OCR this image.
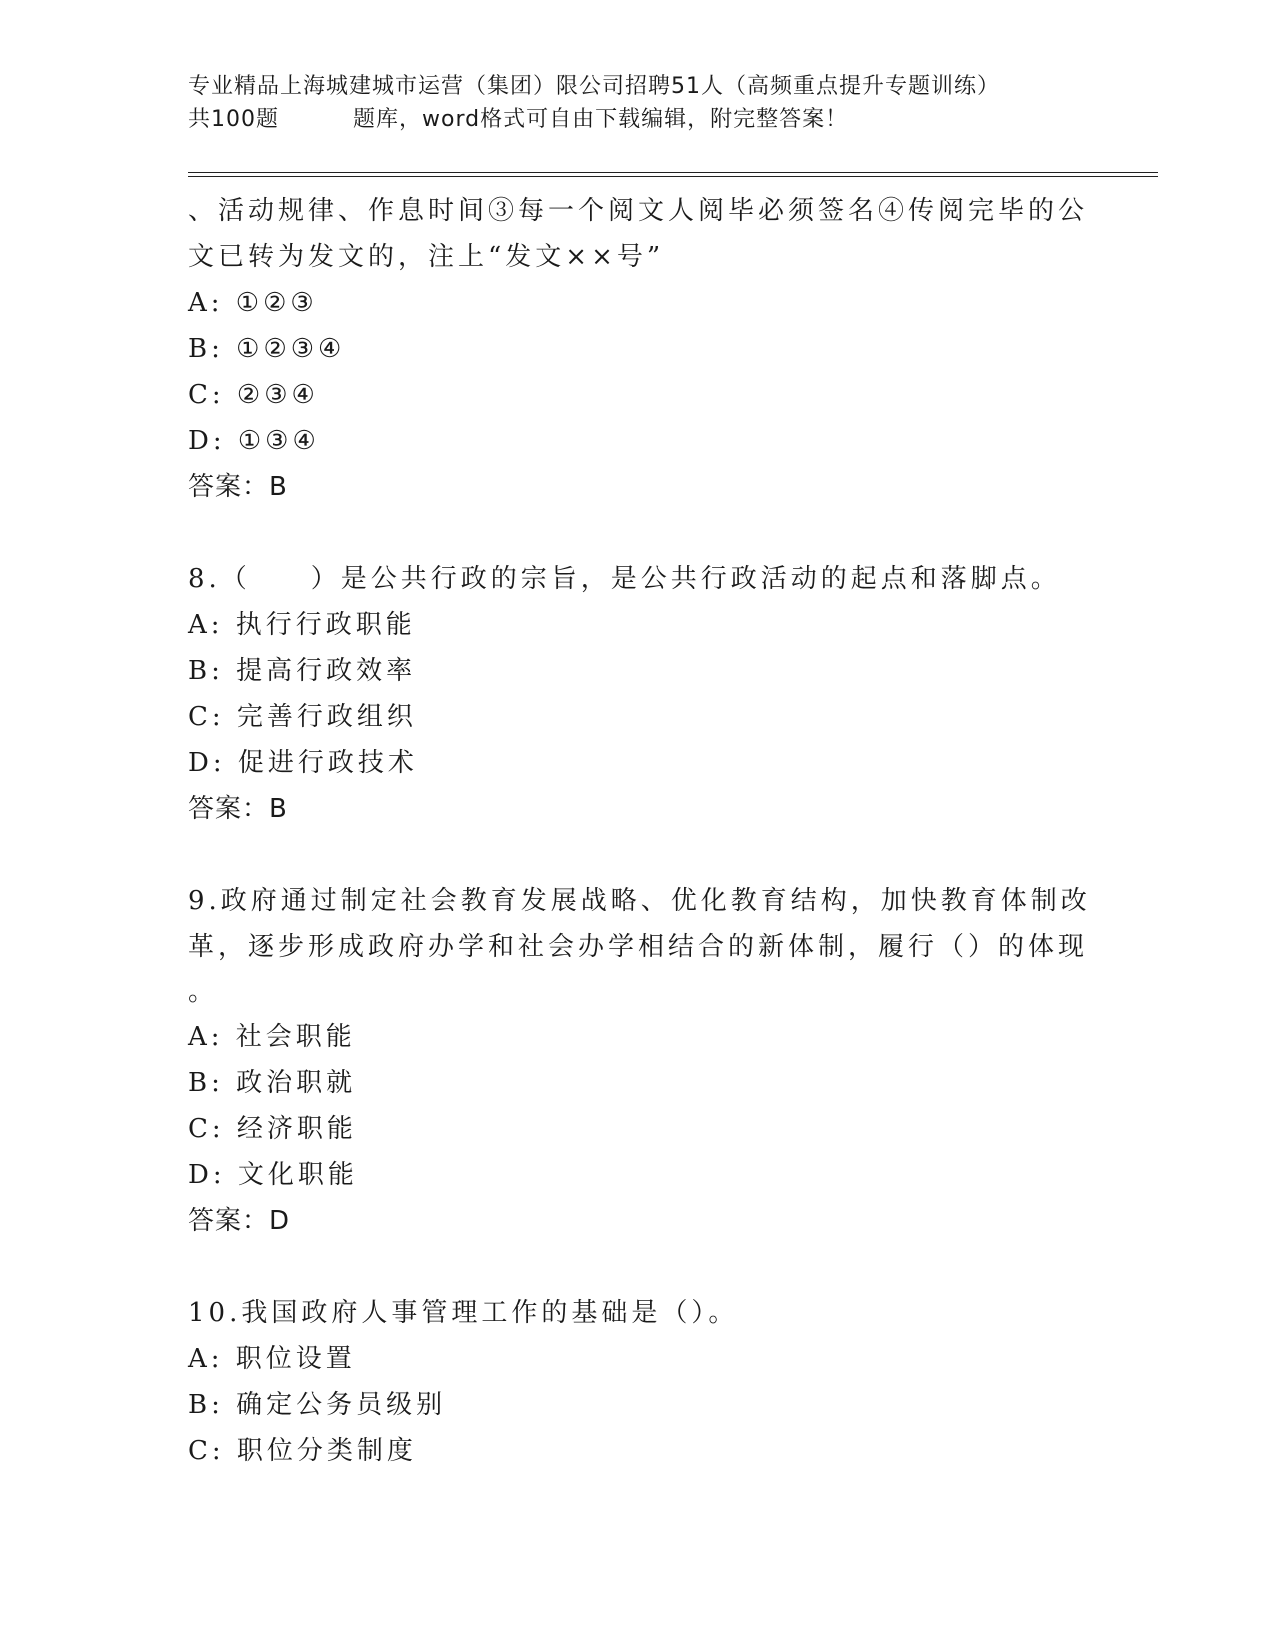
专业精品上海城建城市运营（集团）限公司招聘51人（高频重点提升专题训练）
共100题	题库，word格式可自由下载编辑，附完整答案！
、活动规律、作息时间③每一个阅文人阅毕必须签名④传阅完毕的公
文已转为发文的，注上“发文××号”
A: ①②③
B: ①②③④
C: ②③④
D: ①③④
答案：B
8.（　　）是公共行政的宗旨，是公共行政活动的起点和落脚点。
A: 执行行政职能
B: 提高行政效率
C: 完善行政组织
D: 促进行政技术
答案：B
9.政府通过制定社会教育发展战略、优化教育结构，加快教育体制改
革，逐步形成政府办学和社会办学相结合的新体制，履行（）的体现
。
A: 社会职能
B: 政治职就
C: 经济职能
D: 文化职能
答案：D
10.我国政府人事管理工作的基础是（）。
A: 职位设置
B: 确定公务员级别
C: 职位分类制度
